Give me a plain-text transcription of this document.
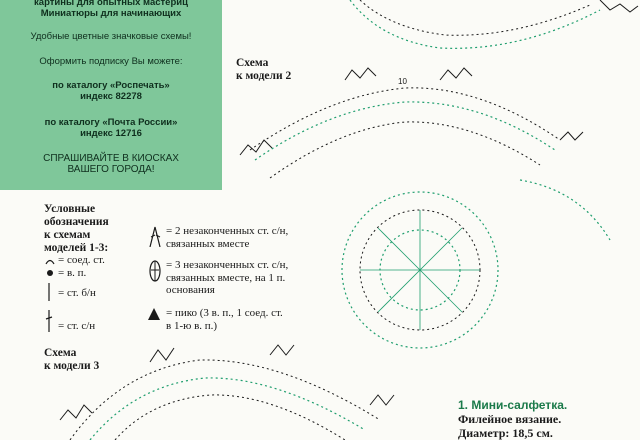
картины для опытных мастериц
Миниатюры для начинающих
Удобные цветные значковые схемы!
Оформить подписку Вы можете:
по каталогу «Роспечать»
индекс 82278
по каталогу «Почта России»
индекс 12716
СПРАШИВАЙТЕ В КИОСКАХ
ВАШЕГО ГОРОДА!
10
Схема
к модели 2
Схема
к модели 3
Условные
обозначения
к схемам
моделей 1-3:
= соед. ст.
= в. п.
= ст. б/н
= ст. с/н
= 2 незаконченных ст. с/н,
связанных вместе
= 3 незаконченных ст. с/н,
связанных вместе, на 1 п.
основания
= пико (3 в. п., 1 соед. ст.
в 1-ю в. п.)
1. Мини-салфетка.
Филейное вязание.
Диаметр: 18,5 см.
